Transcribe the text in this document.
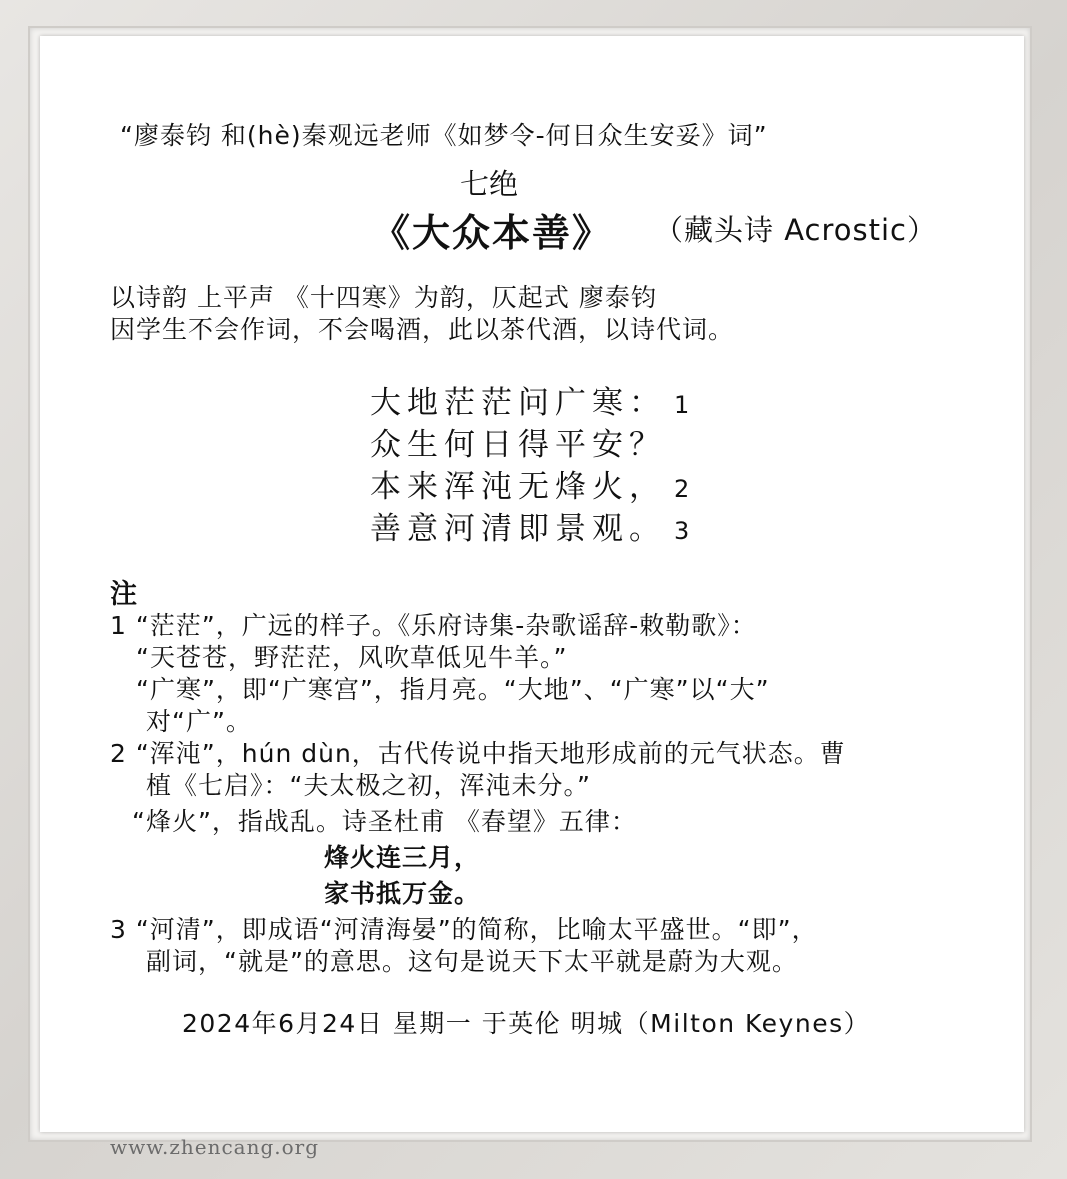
“廖泰钧 和(hè)秦观远老师《如梦令-何日众生安妥》词”
七绝
《大众本善》 （藏头诗 Acrostic）
以诗韵 上平声 《十四寒》为韵，仄起式 廖泰钧
因学生不会作词，不会喝酒，此以茶代酒，以诗代词。
大地茫茫问广寒： 1
众生何日得平安？
本来浑沌无烽火， 2
善意河清即景观。 3
注
1 “茫茫”，广远的样子。《乐府诗集-杂歌谣辞-敕勒歌》：
“天苍苍，野茫茫，风吹草低见牛羊。”
“广寒”，即“广寒宫”，指月亮。“大地”、“广寒”以“大”
对“广”。
2 “浑沌”，hún dùn，古代传说中指天地形成前的元气状态。曹
植《七启》：“夫太极之初，浑沌未分。”
“烽火”，指战乱。诗圣杜甫 《春望》五律：
烽火连三月，
家书抵万金。
3 “河清”，即成语“河清海晏”的简称，比喻太平盛世。“即”，
副词，“就是”的意思。这句是说天下太平就是蔚为大观。
2024年6月24日 星期一 于英伦 明城（Milton Keynes）
www.zhencang.org
